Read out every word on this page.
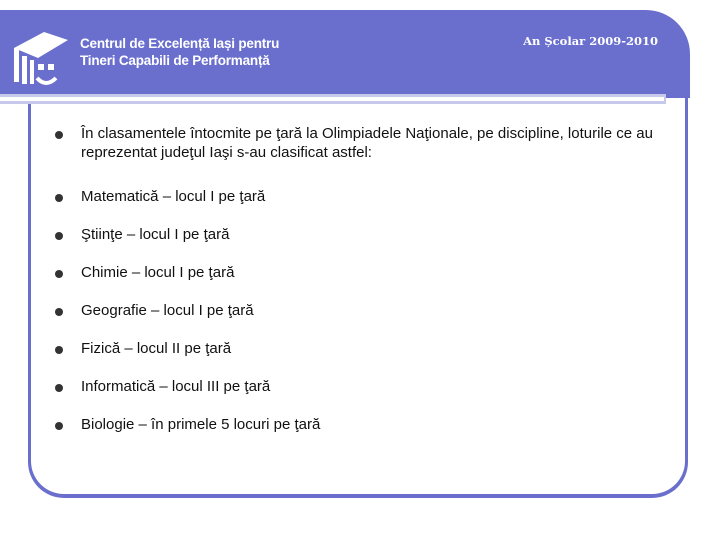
Centrul de Excelență Iași pentru
Tineri Capabili de Performanță
An Școlar 2009-2010
În clasamentele întocmite pe ţară la Olimpiadele Naţionale, pe discipline, loturile ce au reprezentat judeţul Iaşi s-au clasificat astfel:
Matematică – locul I pe ţară
Ştiinţe – locul I pe ţară
Chimie – locul I pe ţară
Geografie – locul I pe ţară
Fizică – locul II pe ţară
Informatică – locul III pe ţară
Biologie – în primele 5 locuri pe ţară
